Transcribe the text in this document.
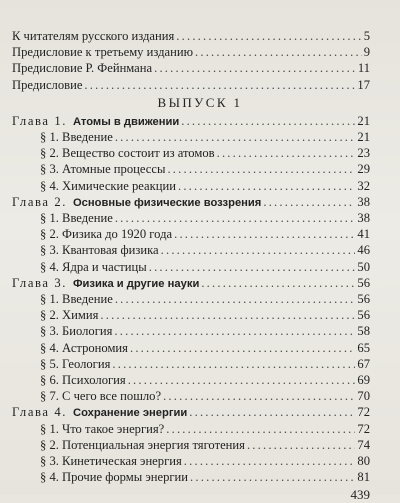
К читателям русского издания .....	5
Предисловие к третьему изданию .....	9
Предисловие Р. Фейнмана .....	11
Предисловие .....	17
ВЫПУСК 1
Глава 1. Атомы в движении .....	21
§ 1. Введение .....	21
§ 2. Вещество состоит из атомов .....	23
§ 3. Атомные процессы .....	29
§ 4. Химические реакции .....	32
Глава 2. Основные физические воззрения .....	38
§ 1. Введение .....	38
§ 2. Физика до 1920 года .....	41
§ 3. Квантовая физика .....	46
§ 4. Ядра и частицы .....	50
Глава 3. Физика и другие науки .....	56
§ 1. Введение .....	56
§ 2. Химия .....	56
§ 3. Биология .....	58
§ 4. Астрономия .....	65
§ 5. Геология .....	67
§ 6. Психология .....	69
§ 7. С чего все пошло? .....	70
Глава 4. Сохранение энергии .....	72
§ 1. Что такое энергия? .....	72
§ 2. Потенциальная энергия тяготения .....	74
§ 3. Кинетическая энергия .....	80
§ 4. Прочие формы энергии .....	81
439
